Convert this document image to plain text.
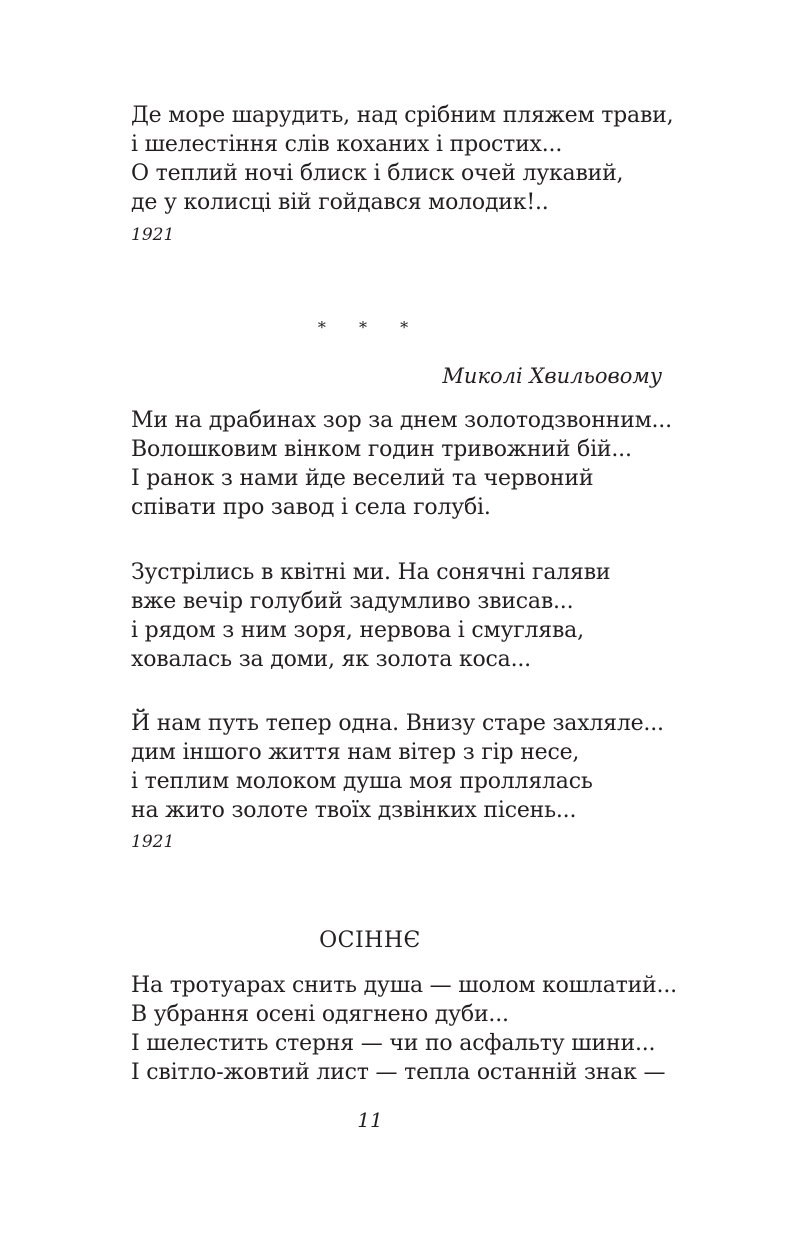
Де море шарудить, над срібним пляжем трави,
і шелестіння слів коханих і простих...
О теплий ночі блиск і блиск очей лукавий,
де у колисці вій гойдався молодик!..
1921
* * *
Миколі Хвильовому
Ми на драбинах зор за днем золотодзвонним...
Волошковим вінком годин тривожний бій...
І ранок з нами йде веселий та червоний
співати про завод і села голубі.
Зустрілись в квітні ми. На сонячні галяви
вже вечір голубий задумливо звисав...
і рядом з ним зоря, нервова і смуглява,
ховалась за доми, як золота коса...
Й нам путь тепер одна. Внизу старе захляле...
дим іншого життя нам вітер з гір несе,
і теплим молоком душа моя проллялась
на жито золоте твоїх дзвінких пісень...
1921
ОСІННЄ
На тротуарах снить душа — шолом кошлатий...
В убрання осені одягнено дуби...
І шелестить стерня — чи по асфальту шини...
І світло-жовтий лист — тепла останній знак —
11
